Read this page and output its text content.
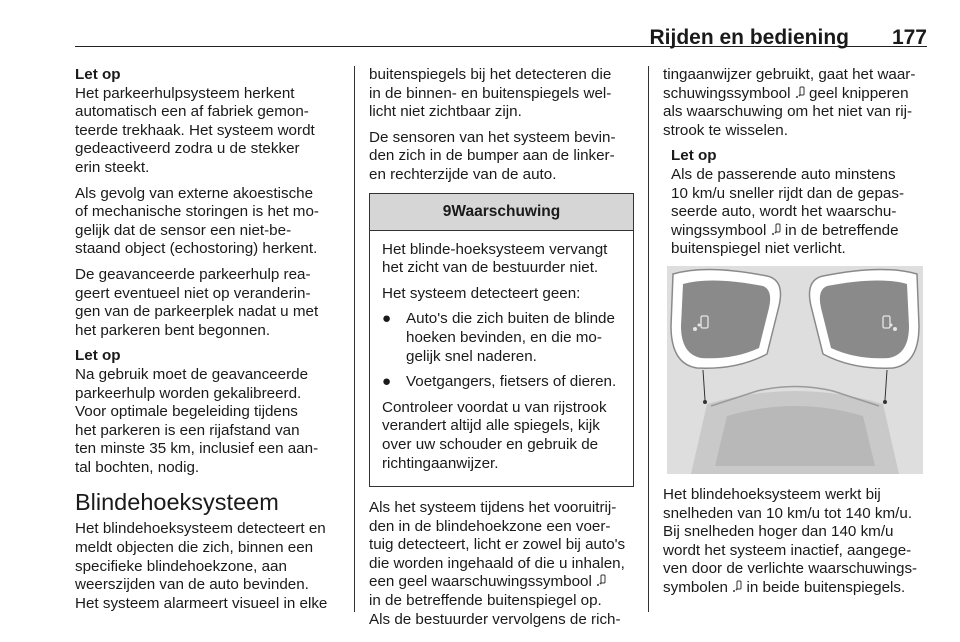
Rijden en bediening 177

Let op
Het parkeerhulpsysteem herkent
automatisch een af fabriek gemon-
teerde trekhaak. Het systeem wordt
gedeactiveerd zodra u de stekker
erin steekt.

Als gevolg van externe akoestische
of mechanische storingen is het mo-
gelijk dat de sensor een niet-be-
staand object (echostoring) herkent.

De geavanceerde parkeerhulp rea-
geert eventueel niet op veranderin-
gen van de parkeerplek nadat u met
het parkeren bent begonnen.

Let op
Na gebruik moet de geavanceerde
parkeerhulp worden gekalibreerd.
Voor optimale begeleiding tijdens
het parkeren is een rijafstand van
ten minste 35 km, inclusief een aan-
tal bochten, nodig.

Blindehoeksysteem

Het blindehoeksysteem detecteert en
meldt objecten die zich, binnen een
specifieke blindehoekzone, aan
weerszijden van de auto bevinden.
Het systeem alarmeert visueel in elke

buitenspiegels bij het detecteren die
in de binnen- en buitenspiegels wel-
licht niet zichtbaar zijn.

De sensoren van het systeem bevin-
den zich in de bumper aan de linker-
en rechterzijde van de auto.

9Waarschuwing

Het blinde-hoeksysteem vervangt
het zicht van de bestuurder niet.

Het systeem detecteert geen:

● Auto's die zich buiten de blinde
hoeken bevinden, en die mo-
gelijk snel naderen.
● Voetgangers, fietsers of dieren.

Controleer voordat u van rijstrook
verandert altijd alle spiegels, kijk
over uw schouder en gebruik de
richtingaanwijzer.

Als het systeem tijdens het vooruitrij-
den in de blindehoekzone een voer-
tuig detecteert, licht er zowel bij auto's
die worden ingehaald of die u inhalen,
een geel waarschuwingssymbool
in de betreffende buitenspiegel op.
Als de bestuurder vervolgens de rich-

tingaanwijzer gebruikt, gaat het waar-
schuwingssymbool geel knipperen
als waarschuwing om het niet van rij-
strook te wisselen.

Let op
Als de passerende auto minstens
10 km/u sneller rijdt dan de gepas-
seerde auto, wordt het waarschu-
wingssymbool in de betreffende
buitenspiegel niet verlicht.

Het blindehoeksysteem werkt bij
snelheden van 10 km/u tot 140 km/u.
Bij snelheden hoger dan 140 km/u
wordt het systeem inactief, aangege-
ven door de verlichte waarschuwings-
symbolen in beide buitenspiegels.
